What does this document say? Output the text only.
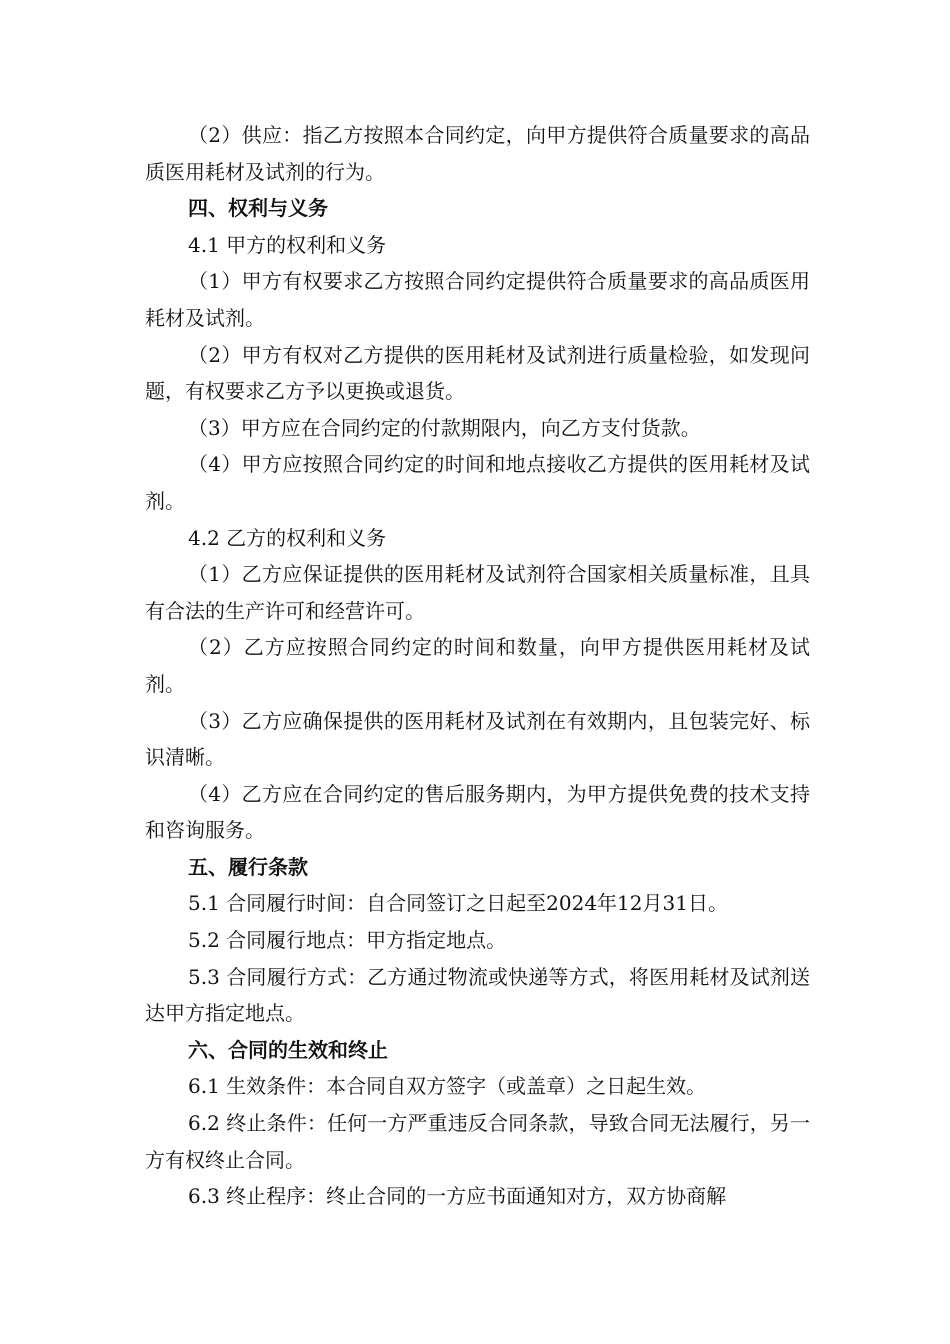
（2）供应：指乙方按照本合同约定，向甲方提供符合质量要求的高品质医用耗材及试剂的行为。

四、权利与义务

4.1 甲方的权利和义务

（1）甲方有权要求乙方按照合同约定提供符合质量要求的高品质医用耗材及试剂。

（2）甲方有权对乙方提供的医用耗材及试剂进行质量检验，如发现问题，有权要求乙方予以更换或退货。

（3）甲方应在合同约定的付款期限内，向乙方支付货款。

（4）甲方应按照合同约定的时间和地点接收乙方提供的医用耗材及试剂。

4.2 乙方的权利和义务

（1）乙方应保证提供的医用耗材及试剂符合国家相关质量标准，且具有合法的生产许可和经营许可。

（2）乙方应按照合同约定的时间和数量，向甲方提供医用耗材及试剂。

（3）乙方应确保提供的医用耗材及试剂在有效期内，且包装完好、标识清晰。

（4）乙方应在合同约定的售后服务期内，为甲方提供免费的技术支持和咨询服务。

五、履行条款

5.1 合同履行时间：自合同签订之日起至2024年12月31日。

5.2 合同履行地点：甲方指定地点。

5.3 合同履行方式：乙方通过物流或快递等方式，将医用耗材及试剂送达甲方指定地点。

六、合同的生效和终止

6.1 生效条件：本合同自双方签字（或盖章）之日起生效。

6.2 终止条件：任何一方严重违反合同条款，导致合同无法履行，另一方有权终止合同。

6.3 终止程序：终止合同的一方应书面通知对方，双方协商解
